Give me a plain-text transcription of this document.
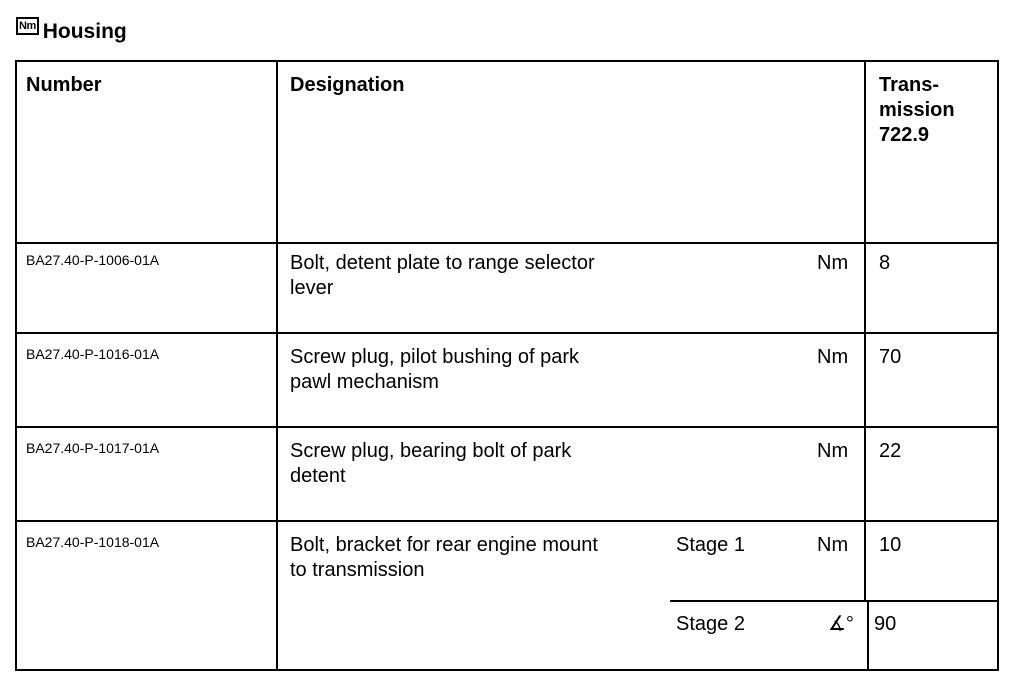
Nm Housing
Number	Designation	Trans-
mission
722.9
BA27.40-P-1006-01A	Bolt, detent plate to range selector
lever
Nm 8
BA27.40-P-1016-01A	Screw plug, pilot bushing of park
pawl mechanism
Nm 70
BA27.40-P-1017-01A	Screw plug, bearing bolt of park
detent
Nm 22
BA27.40-P-1018-01A	Bolt, bracket for rear engine mount
to transmission
Stage 1	Nm 10
Stage 2	∡° 90
